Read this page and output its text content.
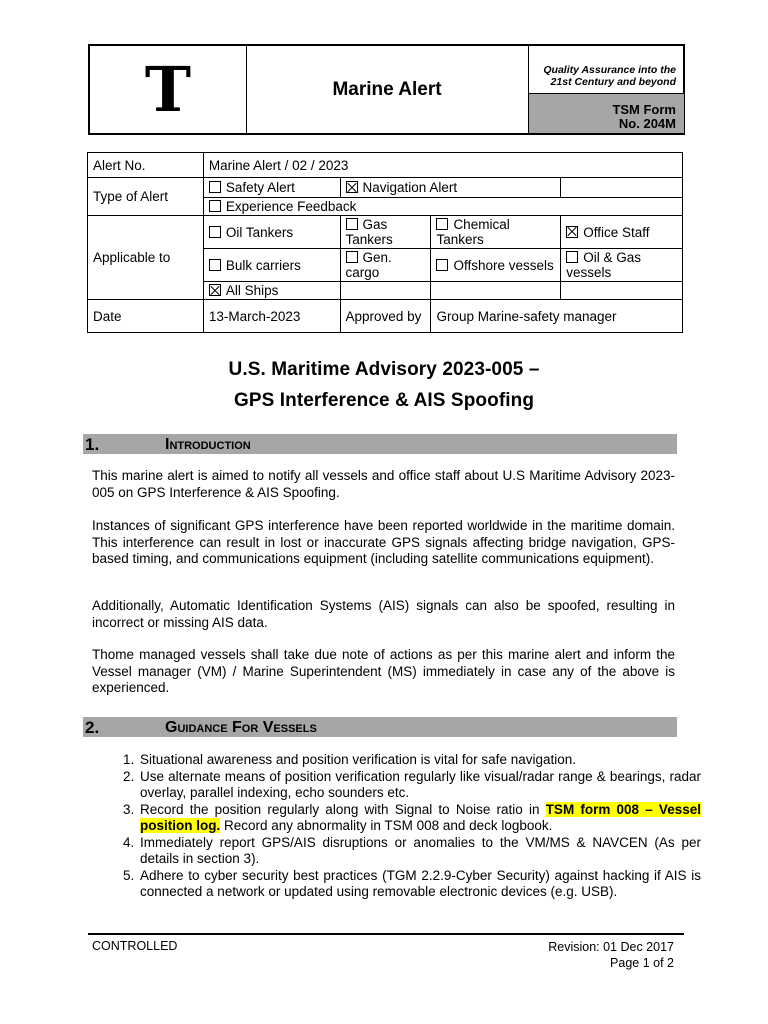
T	Marine Alert
Quality Assurance into the
21st Century and beyond
TSM Form
No. 204M
Alert No.	Marine Alert / 02 / 2023			
Type of Alert	Safety Alert	Navigation Alert		
	Experience Feedback			
Applicable to	Oil Tankers	Gas Tankers	Chemical Tankers	Office Staff
	Bulk carriers	Gen. cargo	Offshore vessels	Oil & Gas vessels
	All Ships			
Date	13-March-2023	Approved by	Group Marine-safety manager	
U.S. Maritime Advisory 2023-005 –
GPS Interference & AIS Spoofing
1.	Introduction
This marine alert is aimed to notify all vessels and office staff about U.S Maritime Advisory 2023-005 on GPS Interference & AIS Spoofing.
Instances of significant GPS interference have been reported worldwide in the maritime domain. This interference can result in lost or inaccurate GPS signals affecting bridge navigation, GPS-based timing, and communications equipment (including satellite communications equipment).
Additionally, Automatic Identification Systems (AIS) signals can also be spoofed, resulting in incorrect or missing AIS data.
Thome managed vessels shall take due note of actions as per this marine alert and inform the Vessel manager (VM) / Marine Superintendent (MS) immediately in case any of the above is experienced.
2.	Guidance For Vessels
1. Situational awareness and position verification is vital for safe navigation.
2. Use alternate means of position verification regularly like visual/radar range & bearings, radar overlay, parallel indexing, echo sounders etc.
3. Record the position regularly along with Signal to Noise ratio in TSM form 008 – Vessel position log. Record any abnormality in TSM 008 and deck logbook.
4. Immediately report GPS/AIS disruptions or anomalies to the VM/MS & NAVCEN (As per details in section 3).
5. Adhere to cyber security best practices (TGM 2.2.9-Cyber Security) against hacking if AIS is connected a network or updated using removable electronic devices (e.g. USB).
CONTROLLED	Revision: 01 Dec 2017
Page 1 of 2
